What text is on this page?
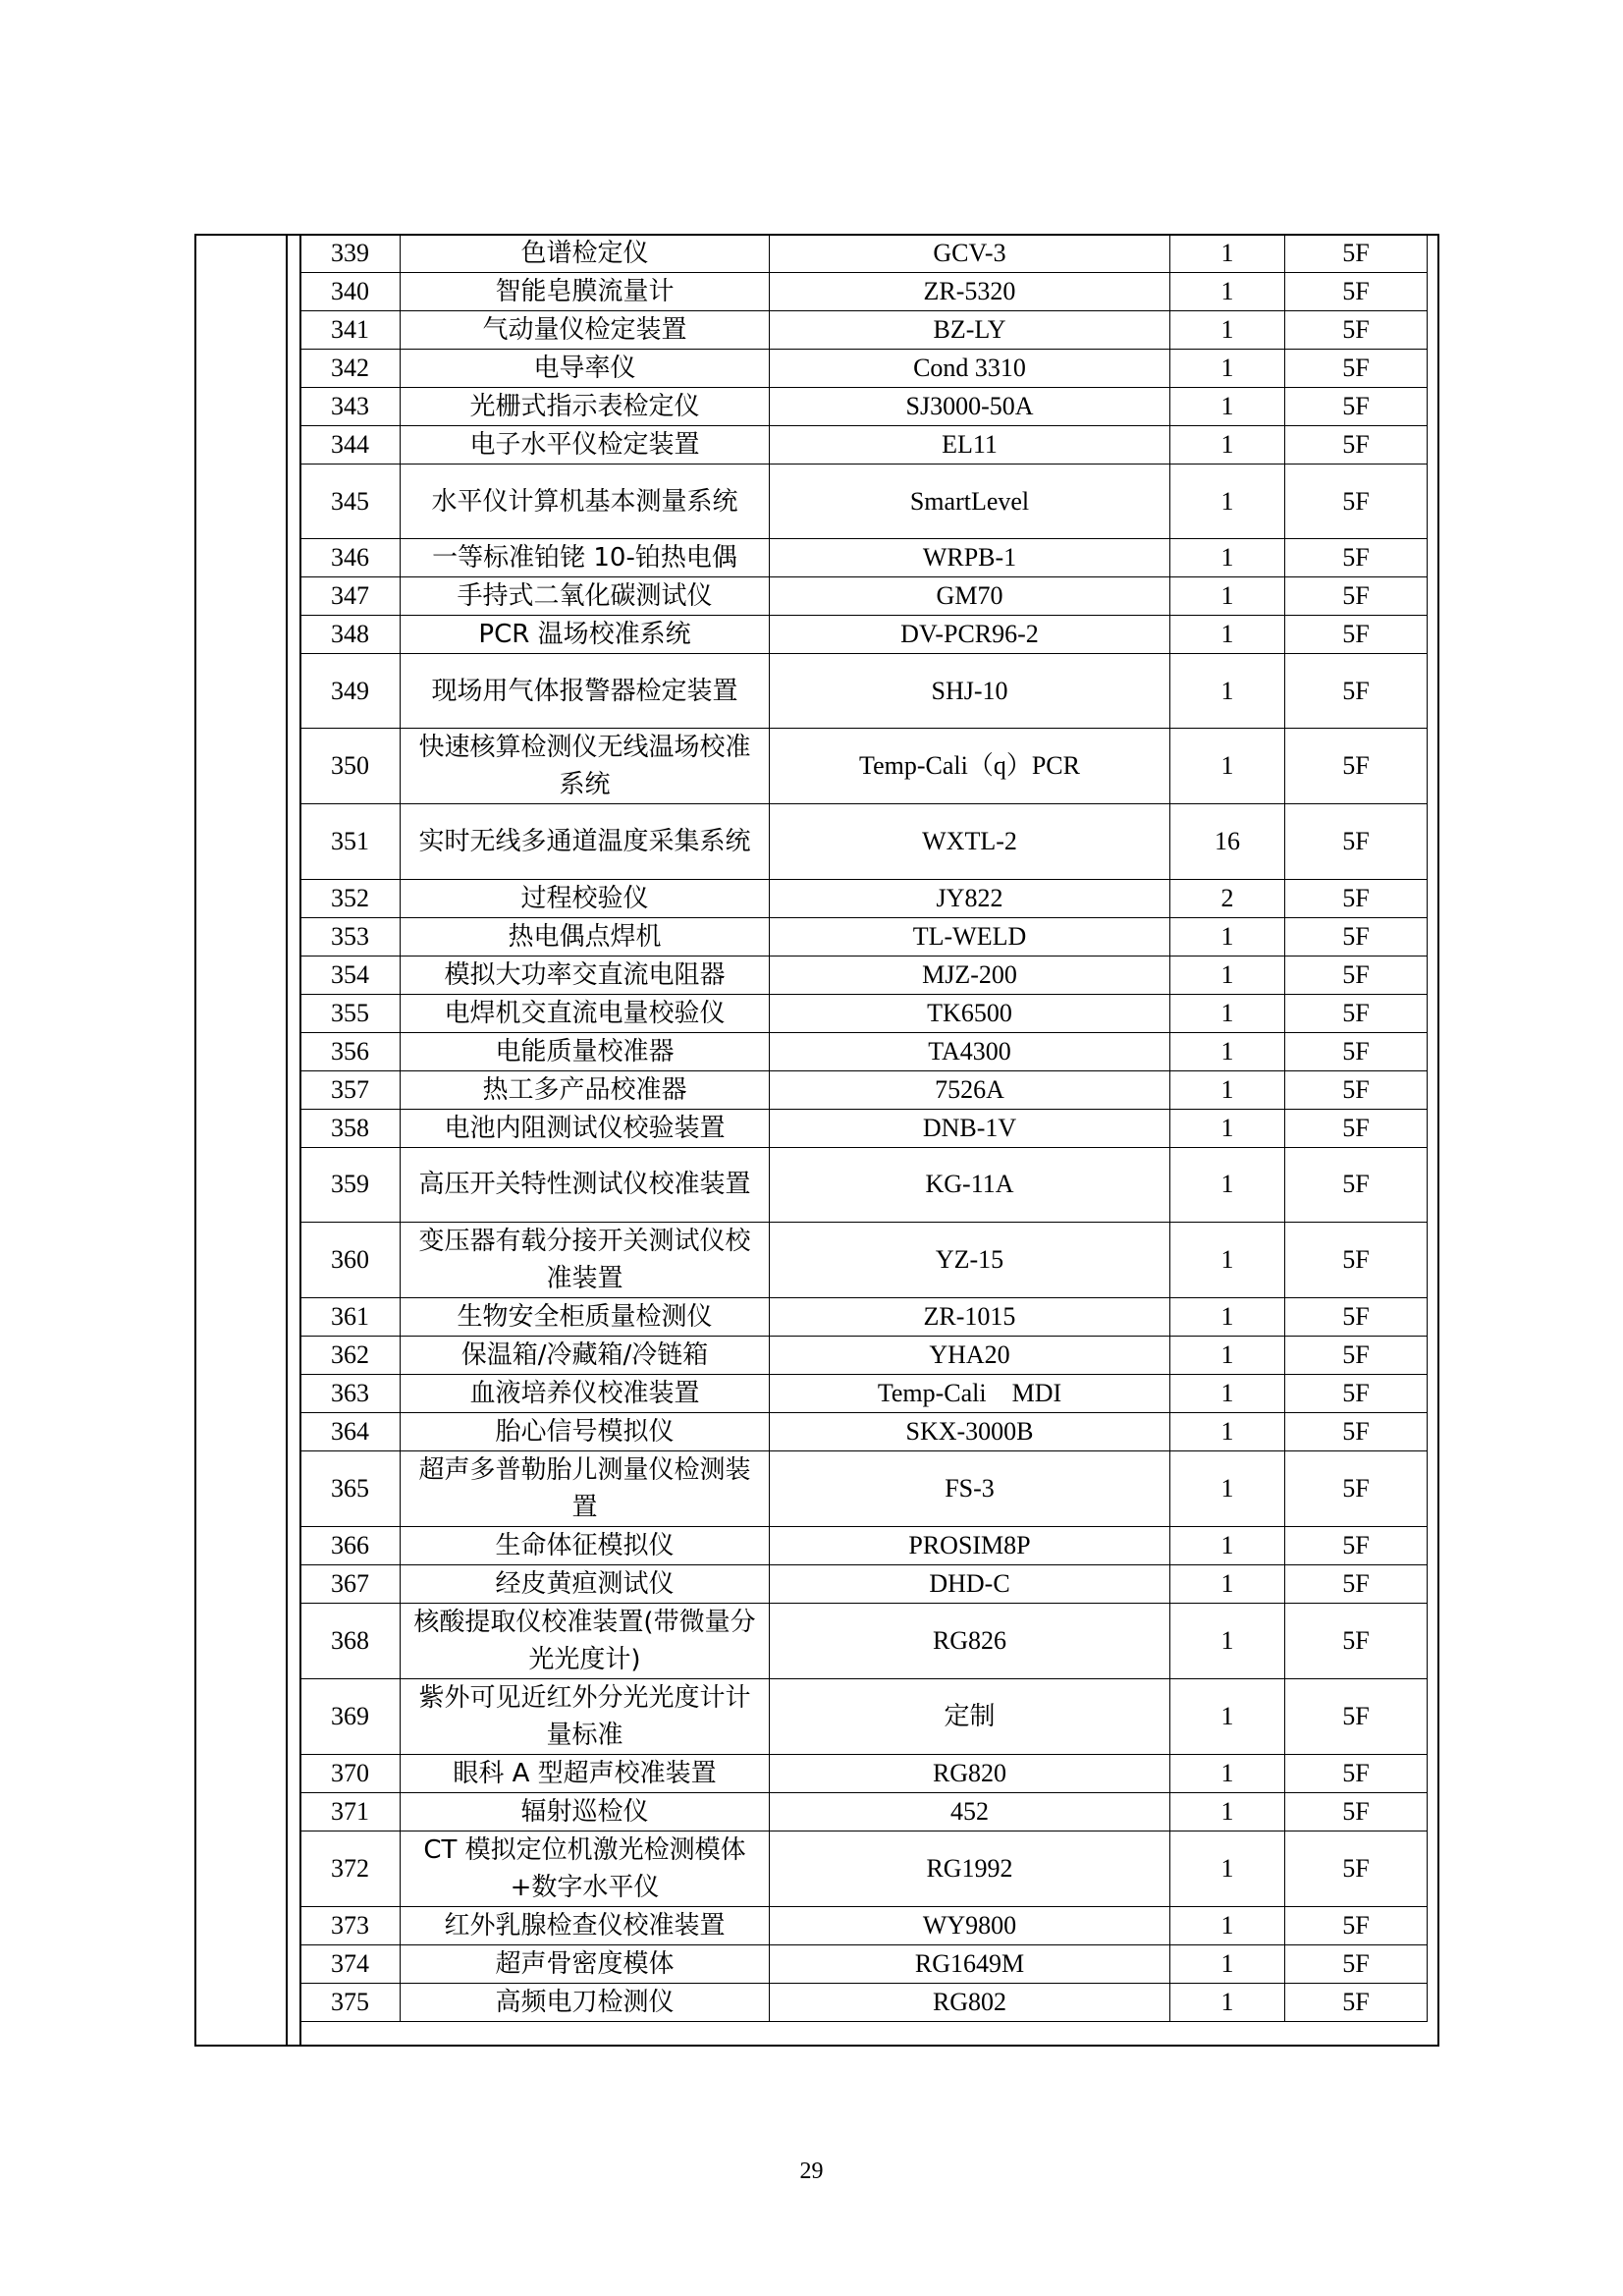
339	色谱检定仪	GCV-3	1	5F
340	智能皂膜流量计	ZR-5320	1	5F
341	气动量仪检定装置	BZ-LY	1	5F
342	电导率仪	Cond 3310	1	5F
343	光栅式指示表检定仪	SJ3000-50A	1	5F
344	电子水平仪检定装置	EL11	1	5F
345	水平仪计算机基本测量系统	SmartLevel	1	5F
346	一等标准铂铑 10-铂热电偶	WRPB-1	1	5F
347	手持式二氧化碳测试仪	GM70	1	5F
348	PCR 温场校准系统	DV-PCR96-2	1	5F
349	现场用气体报警器检定装置	SHJ-10	1	5F
350	快速核算检测仪无线温场校准系统	Temp-Cali（q）PCR	1	5F
351	实时无线多通道温度采集系统	WXTL-2	16	5F
352	过程校验仪	JY822	2	5F
353	热电偶点焊机	TL-WELD	1	5F
354	模拟大功率交直流电阻器	MJZ-200	1	5F
355	电焊机交直流电量校验仪	TK6500	1	5F
356	电能质量校准器	TA4300	1	5F
357	热工多产品校准器	7526A	1	5F
358	电池内阻测试仪校验装置	DNB-1V	1	5F
359	高压开关特性测试仪校准装置	KG-11A	1	5F
360	变压器有载分接开关测试仪校准装置	YZ-15	1	5F
361	生物安全柜质量检测仪	ZR-1015	1	5F
362	保温箱/冷藏箱/冷链箱	YHA20	1	5F
363	血液培养仪校准装置	Temp-Cali　MDI	1	5F
364	胎心信号模拟仪	SKX-3000B	1	5F
365	超声多普勒胎儿测量仪检测装置	FS-3	1	5F
366	生命体征模拟仪	PROSIM8P	1	5F
367	经皮黄疸测试仪	DHD-C	1	5F
368	核酸提取仪校准装置(带微量分光光度计)	RG826	1	5F
369	紫外可见近红外分光光度计计量标准	定制	1	5F
370	眼科 A 型超声校准装置	RG820	1	5F
371	辐射巡检仪	452	1	5F
372	CT 模拟定位机激光检测模体+数字水平仪	RG1992	1	5F
373	红外乳腺检查仪校准装置	WY9800	1	5F
374	超声骨密度模体	RG1649M	1	5F
375	高频电刀检测仪	RG802	1	5F
29
